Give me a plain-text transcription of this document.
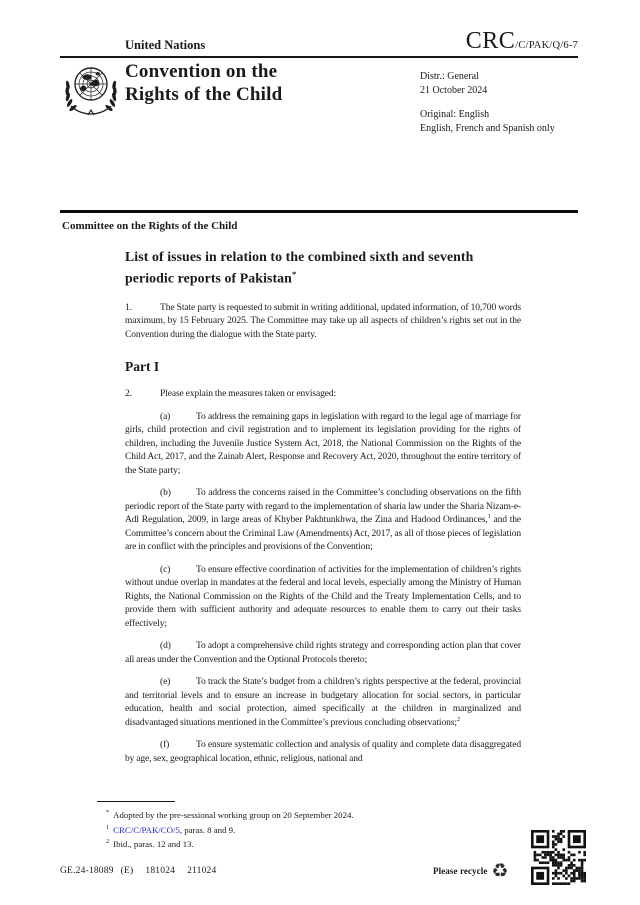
United Nations	CRC /C/PAK/Q/6-7
Convention on the
Rights of the Child
Distr.: General
21 October 2024
Original: English
English, French and Spanish only
Committee on the Rights of the Child
List of issues in relation to the combined sixth and seventh periodic reports of Pakistan*

1.	The State party is requested to submit in writing additional, updated information, of 10,700 words maximum, by 15 February 2025. The Committee may take up all aspects of children’s rights set out in the Convention during the dialogue with the State party.

Part I

2.	Please explain the measures taken or envisaged:

(a)	To address the remaining gaps in legislation with regard to the legal age of marriage for girls, child protection and civil registration and to implement its legislation providing for the rights of children, including the Juvenile Justice System Act, 2018, the National Commission on the Rights of the Child Act, 2017, and the Zainab Alert, Response and Recovery Act, 2020, throughout the entire territory of the State party;

(b)	To address the concerns raised in the Committee’s concluding observations on the fifth periodic report of the State party with regard to the implementation of sharia law under the Sharia Nizam-e-Adl Regulation, 2009, in large areas of Khyber Pakhtunkhwa, the Zina and Hadood Ordinances,$^1$ and the Committee’s concern about the Criminal Law (Amendments) Act, 2017, as all of those pieces of legislation are in conflict with the principles and provisions of the Convention;

(c)	To ensure effective coordination of activities for the implementation of children’s rights without undue overlap in mandates at the federal and local levels, especially among the Ministry of Human Rights, the National Commission on the Rights of the Child and the Treaty Implementation Cells, and to provide them with sufficient authority and adequate resources to enable them to carry out their tasks effectively;

(d)	To adopt a comprehensive child rights strategy and corresponding action plan that cover all areas under the Convention and the Optional Protocols thereto;

(e)	To track the State’s budget from a children’s rights perspective at the federal, provincial and territorial levels and to ensure an increase in budgetary allocation for social sectors, in particular education, health and social protection, aimed specifically at the children in marginalized and disadvantaged situations mentioned in the Committee’s previous concluding observations;$^2$

(f)	To ensure systematic collection and analysis of quality and complete data disaggregated by age, sex, geographical location, ethnic, religious, national and

* Adopted by the pre-sessional working group on 20 September 2024.
$^1$ CRC/C/PAK/CO/5, paras. 8 and 9.
$^2$ Ibid., paras. 12 and 13.
GE.24-18089 (E) 181024 211024	Please recycle ♻
